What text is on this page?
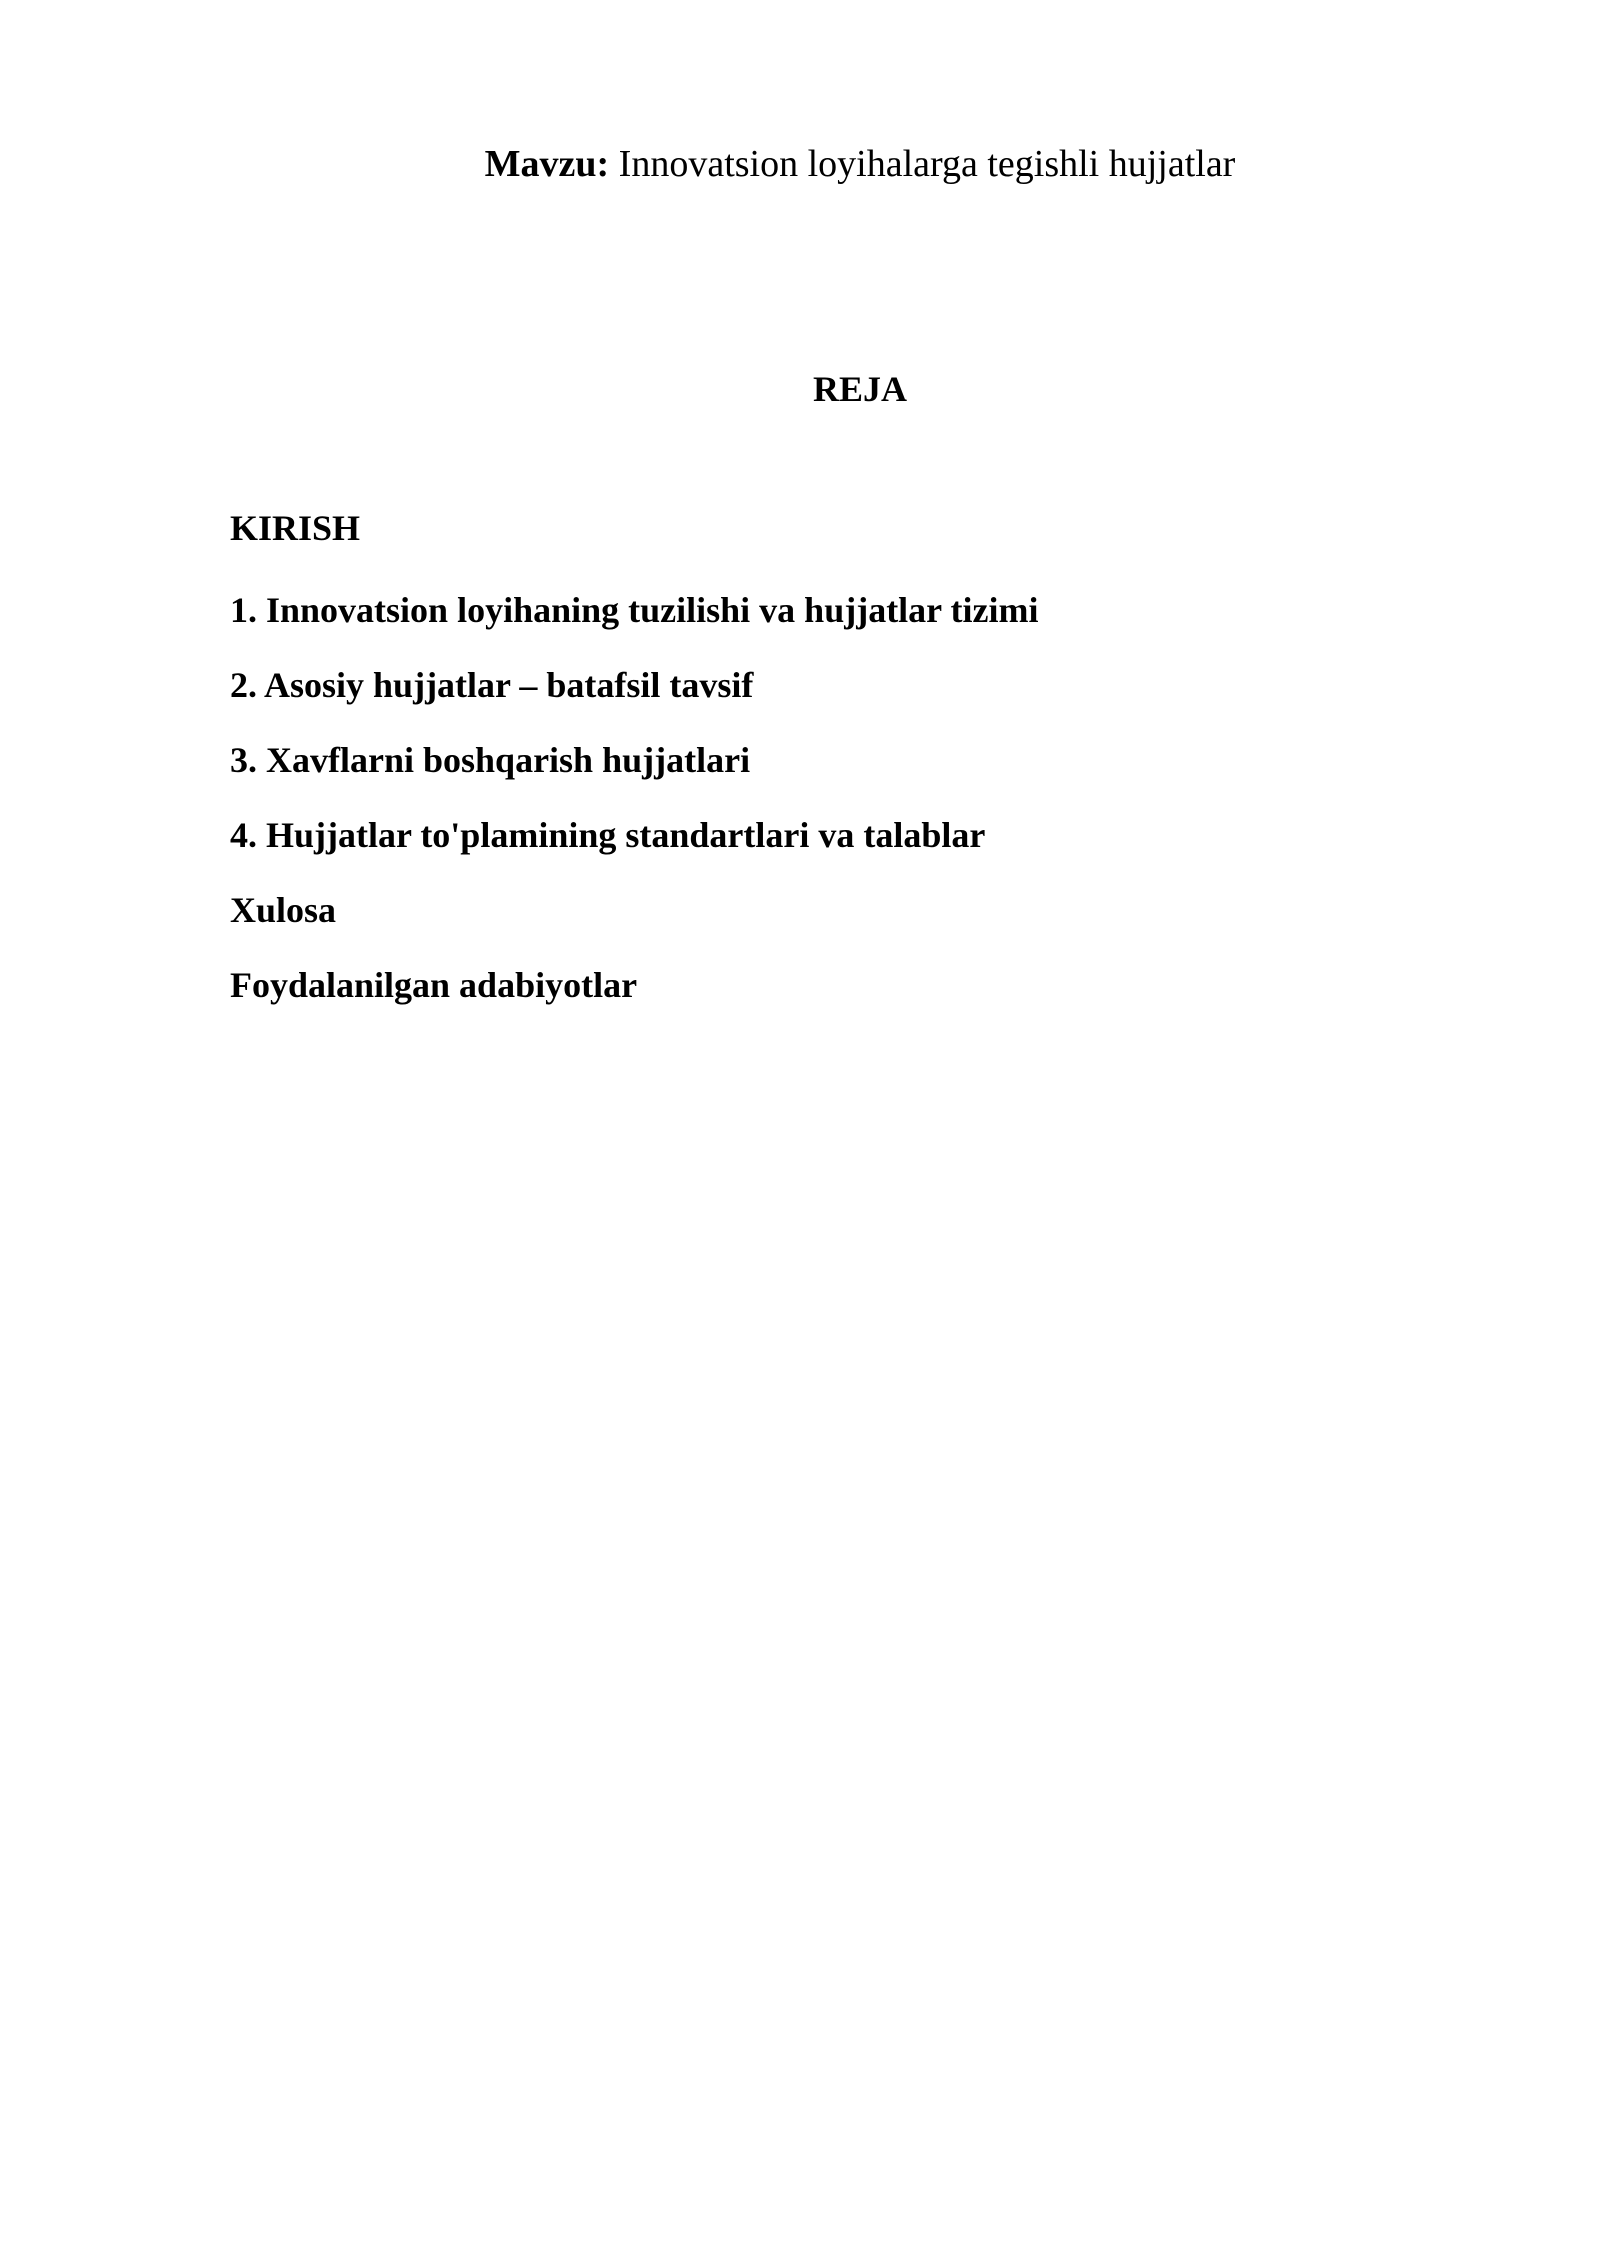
Mavzu: Innovatsion loyihalarga tegishli hujjatlar
REJA
KIRISH
1. Innovatsion loyihaning tuzilishi va hujjatlar tizimi
2. Asosiy hujjatlar – batafsil tavsif
3. Xavflarni boshqarish hujjatlari
4. Hujjatlar to'plamining standartlari va talablar
Xulosa
Foydalanilgan adabiyotlar
